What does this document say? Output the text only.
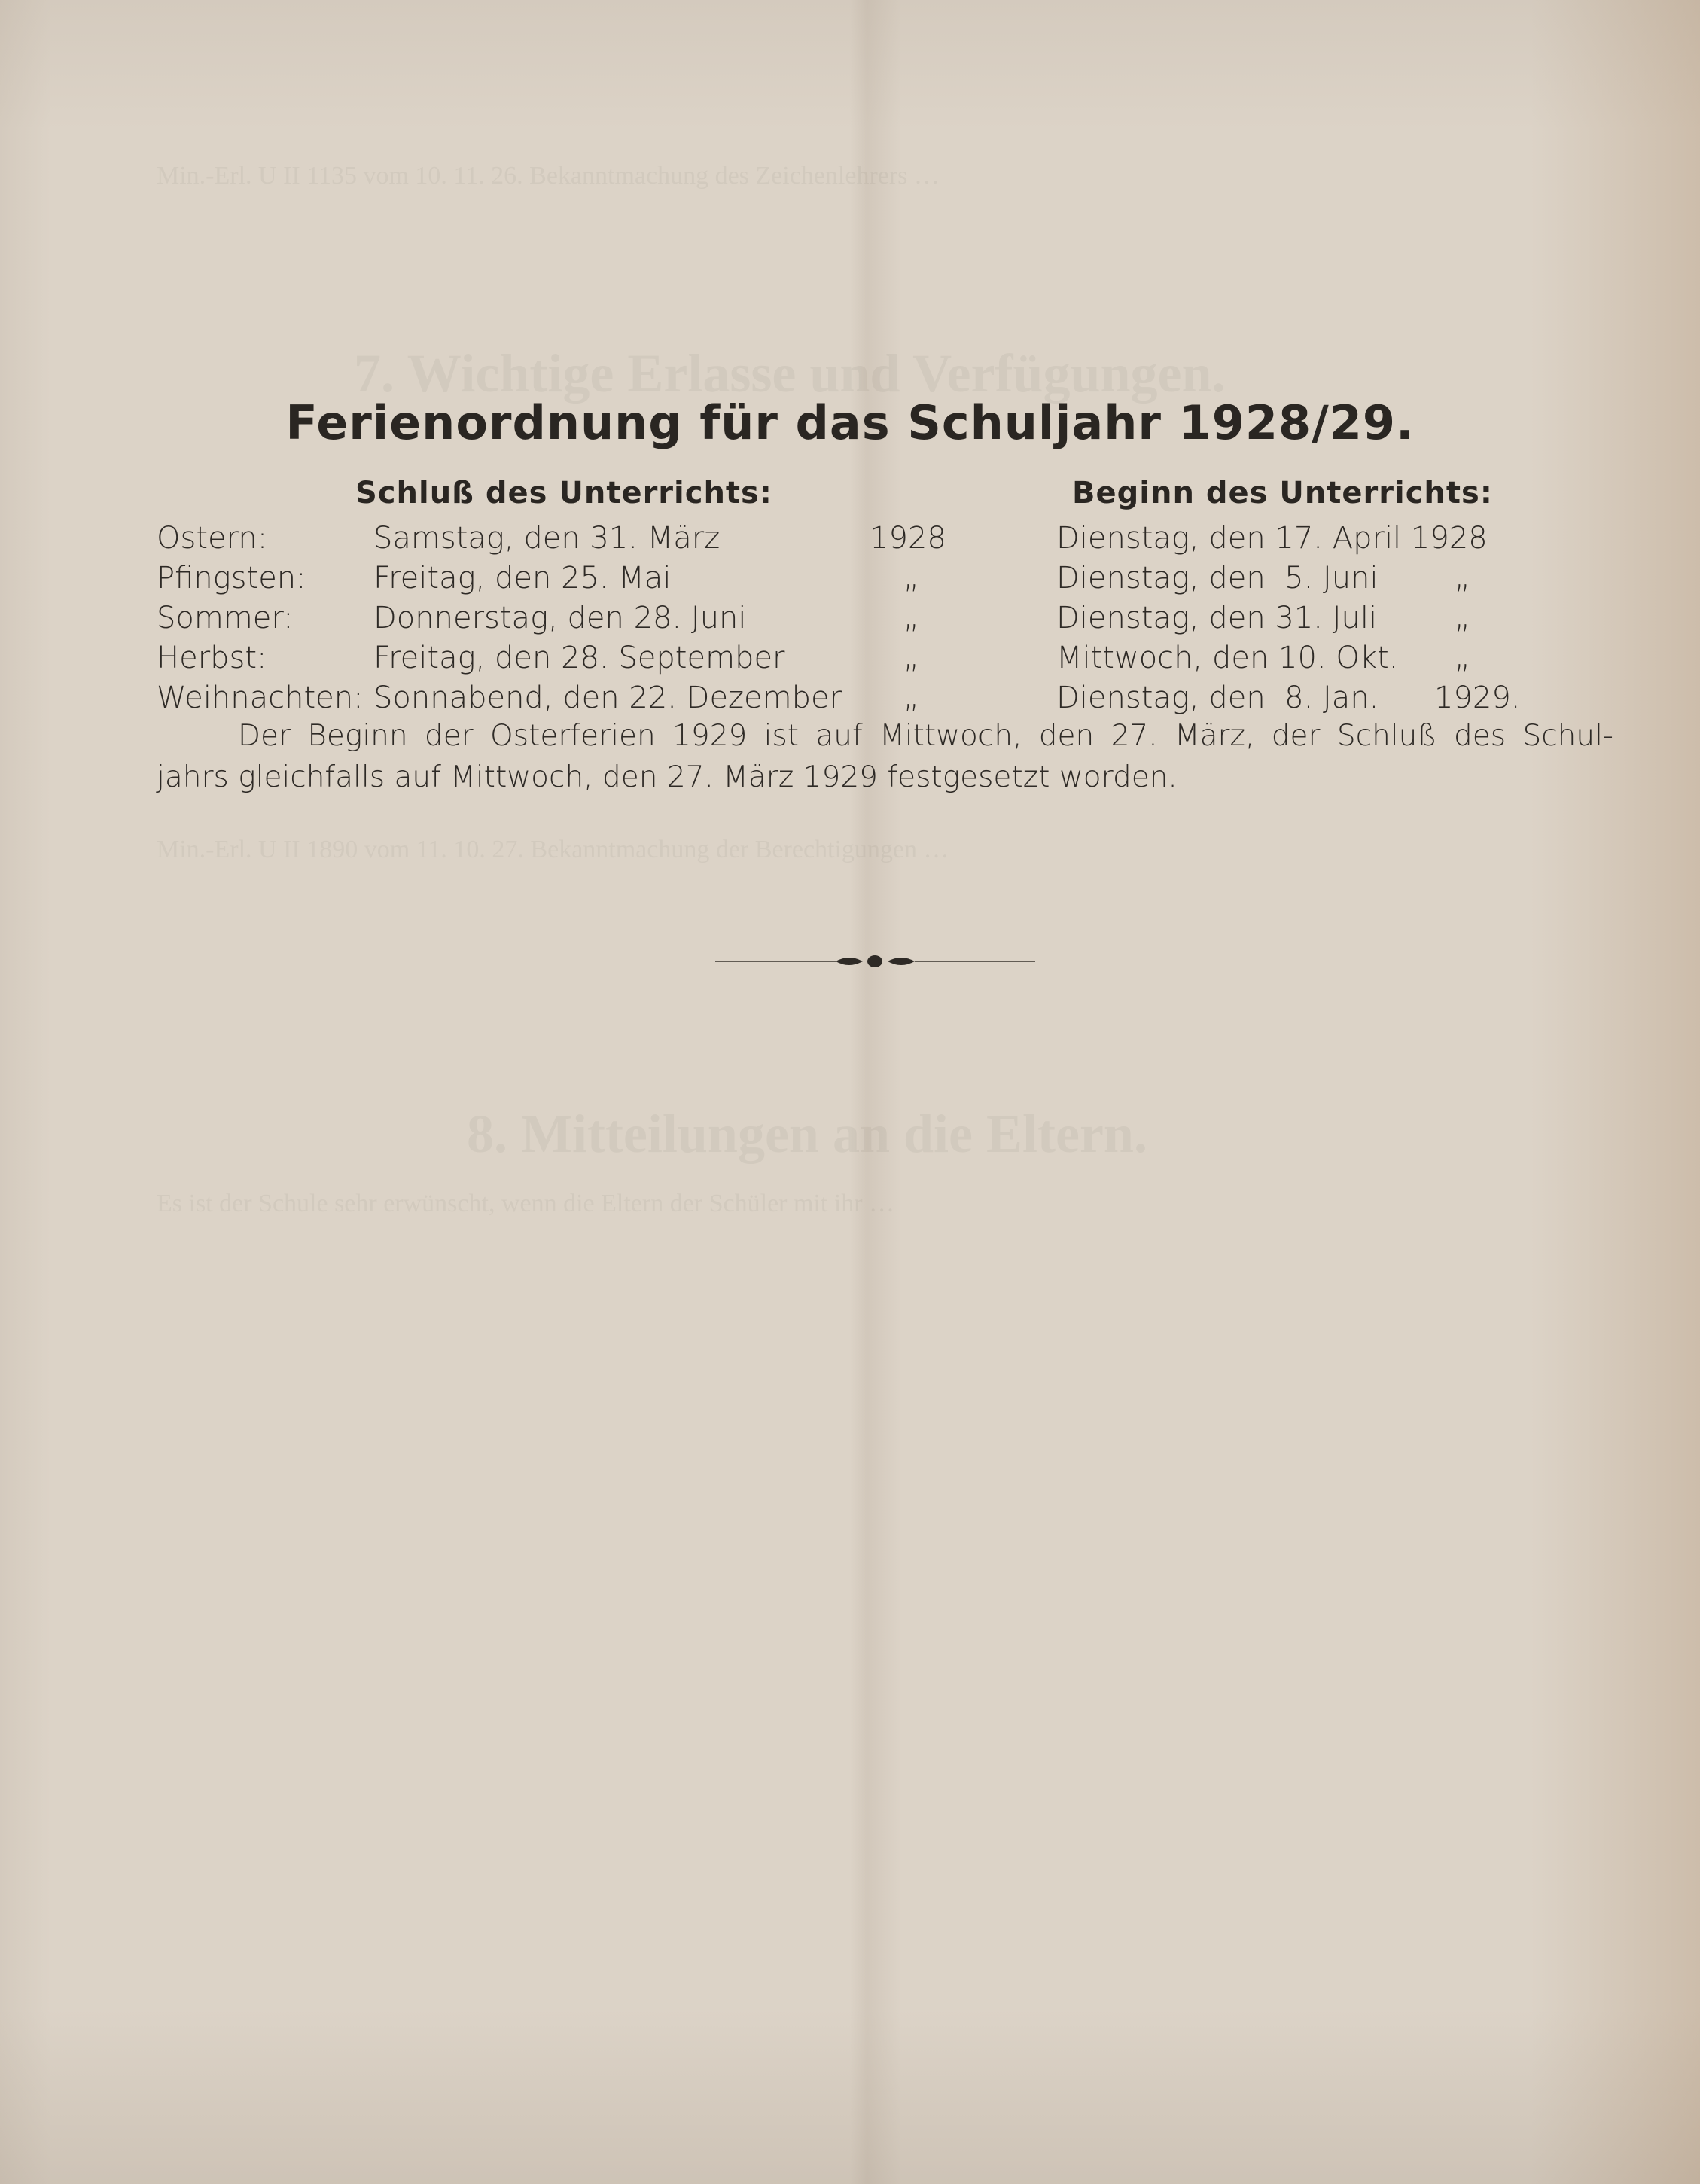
7. Wichtige Erlasse und Verfügungen.
8. Mitteilungen an die Eltern.
Min.-Erl. U II 1135 vom 10. 11. 26. Bekanntmachung des Zeichenlehrers …
Min.-Erl. U II 1890 vom 11. 10. 27. Bekanntmachung der Berechtigungen …
Es ist der Schule sehr erwünscht, wenn die Eltern der Schüler mit ihr …
Ferienordnung für das Schuljahr 1928/29.
Schluß des Unterrichts:	Beginn des Unterrichts:
Ostern:	Samstag, den 31. März	1928	Dienstag, den 17. April 1928
Pfingsten: Freitag, den 25. Mai	„	Dienstag, den  5. Juni	„
Sommer:	Donnerstag, den 28. Juni	„	Dienstag, den 31. Juli	„
Herbst:	Freitag, den 28. September	„	Mittwoch, den 10. Okt. „
Weihnachten: Sonnabend, den 22. Dezember „	Dienstag, den  8. Jan. 1929.
Der Beginn der Osterferien 1929 ist auf Mittwoch, den 27. März, der Schluß des Schul-
jahrs gleichfalls auf Mittwoch, den 27. März 1929 festgesetzt worden.
